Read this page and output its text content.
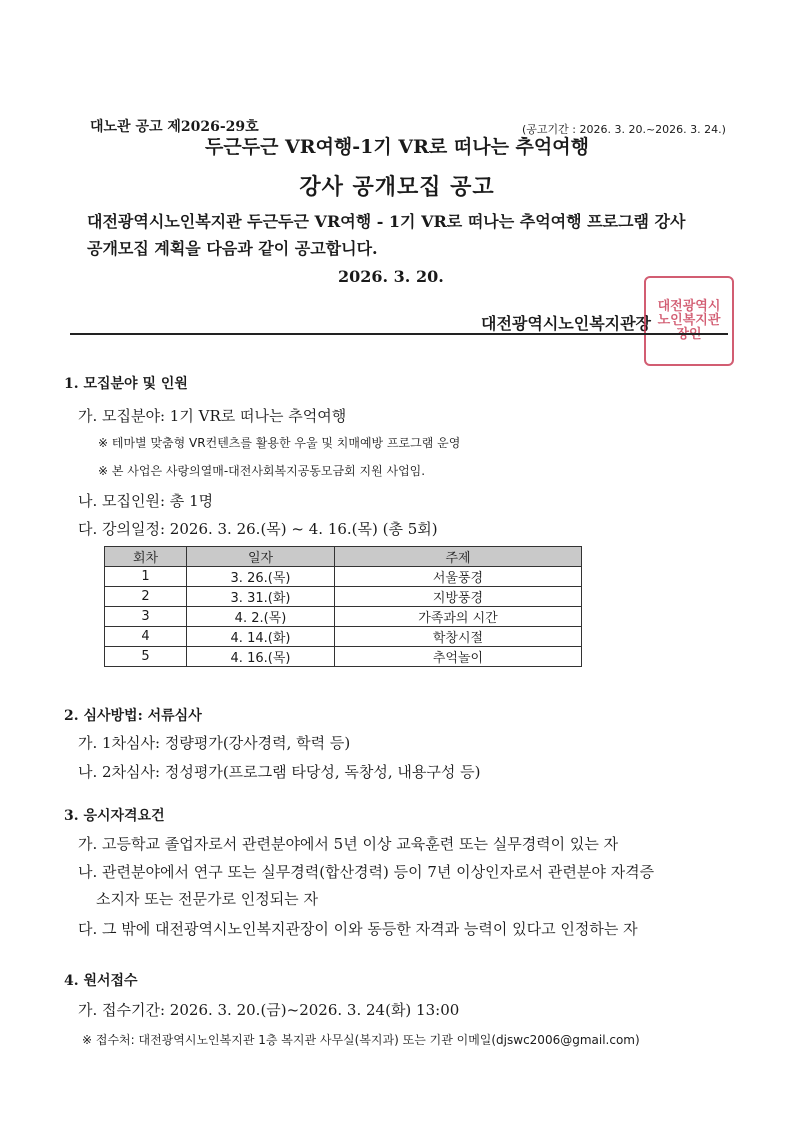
대노관 공고 제2026-29호	(공고기간 : 2026. 3. 20.~2026. 3. 24.)
두근두근 VR여행-1기 VR로 떠나는 추억여행
강사 공개모집 공고
대전광역시노인복지관 두근두근 VR여행 - 1기 VR로 떠나는 추억여행 프로그램 강사
공개모집 계획을 다음과 같이 공고합니다.
2026. 3. 20.
대전광역시노인복지관장
대전광역시노인복지관
1. 모집분야 및 인원
가. 모집분야: 1기 VR로 떠나는 추억여행
※ 테마별 맞춤형 VR컨텐츠를 활용한 우울 및 치매예방 프로그램 운영
※ 본 사업은 사랑의열매-대전사회복지공동모금회 지원 사업임.
나. 모집인원: 총 1명
다. 강의일정: 2026. 3. 26.(목) ~ 4. 16.(목) (총 5회)
회차	일자	주제
1	3. 26.(목)	서울풍경
2	3. 31.(화)	지방풍경
3	4. 2.(목)	가족과의 시간
4	4. 14.(화)	학창시절
5	4. 16.(목)	추억놀이
2. 심사방법: 서류심사
가. 1차심사: 정량평가(강사경력, 학력 등)
나. 2차심사: 정성평가(프로그램 타당성, 독창성, 내용구성 등)
3. 응시자격요건
가. 고등학교 졸업자로서 관련분야에서 5년 이상 교육훈련 또는 실무경력이 있는 자
나. 관련분야에서 연구 또는 실무경력(합산경력) 등이 7년 이상인자로서 관련분야 자격증
소지자 또는 전문가로 인정되는 자
다. 그 밖에 대전광역시노인복지관장이 이와 동등한 자격과 능력이 있다고 인정하는 자
4. 원서접수
가. 접수기간: 2026. 3. 20.(금)~2026. 3. 24(화) 13:00
※ 접수처: 대전광역시노인복지관 1층 복지관 사무실(복지과) 또는 기관 이메일(djswc2006@gmail.com)
